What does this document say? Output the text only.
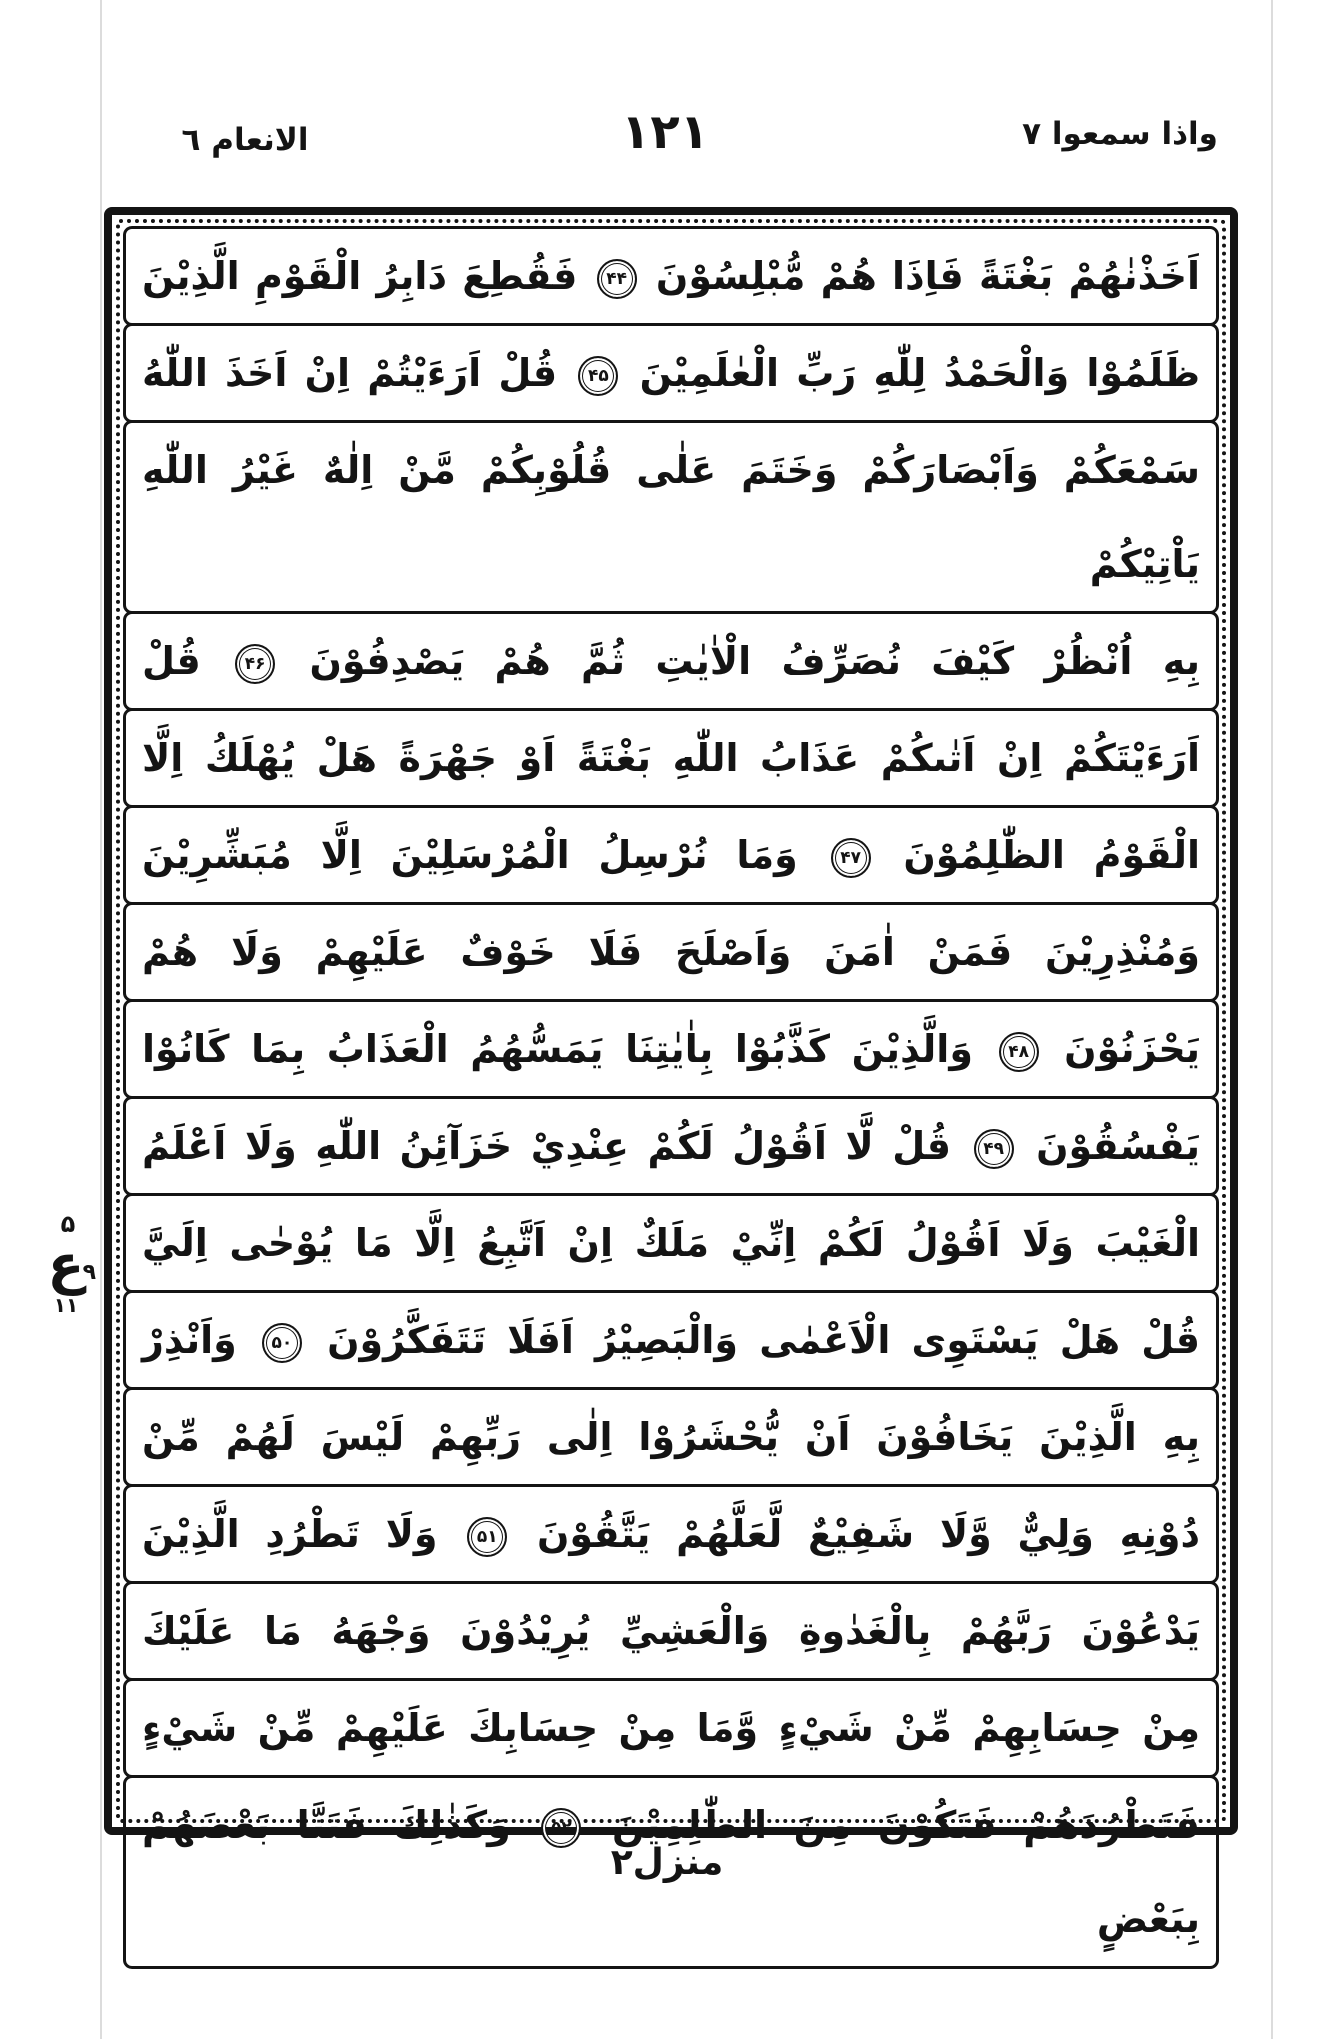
الانعام ٦	۱۲۱	واذا سمعوا ۷
اَخَذْنٰهُمْ بَغْتَةً فَاِذَا هُمْ مُّبْلِسُوْنَ ۴۴ فَقُطِعَ دَابِرُ الْقَوْمِ الَّذِيْنَ
ظَلَمُوْا وَالْحَمْدُ لِلّٰهِ رَبِّ الْعٰلَمِيْنَ ۴۵ قُلْ اَرَءَيْتُمْ اِنْ اَخَذَ اللّٰهُ
سَمْعَكُمْ وَاَبْصَارَكُمْ وَخَتَمَ عَلٰى قُلُوْبِكُمْ مَّنْ اِلٰهٌ غَيْرُ اللّٰهِ يَاْتِيْكُمْ
بِهِ اُنْظُرْ كَيْفَ نُصَرِّفُ الْاٰيٰتِ ثُمَّ هُمْ يَصْدِفُوْنَ ۴۶ قُلْ
اَرَءَيْتَكُمْ اِنْ اَتٰىكُمْ عَذَابُ اللّٰهِ بَغْتَةً اَوْ جَهْرَةً هَلْ يُهْلَكُ اِلَّا
الْقَوْمُ الظّٰلِمُوْنَ ۴۷ وَمَا نُرْسِلُ الْمُرْسَلِيْنَ اِلَّا مُبَشِّرِيْنَ
وَمُنْذِرِيْنَ فَمَنْ اٰمَنَ وَاَصْلَحَ فَلَا خَوْفٌ عَلَيْهِمْ وَلَا هُمْ
يَحْزَنُوْنَ ۴۸ وَالَّذِيْنَ كَذَّبُوْا بِاٰيٰتِنَا يَمَسُّهُمُ الْعَذَابُ بِمَا كَانُوْا
يَفْسُقُوْنَ ۴۹ قُلْ لَّا اَقُوْلُ لَكُمْ عِنْدِيْ خَزَآئِنُ اللّٰهِ وَلَا اَعْلَمُ
الْغَيْبَ وَلَا اَقُوْلُ لَكُمْ اِنِّيْ مَلَكٌ اِنْ اَتَّبِعُ اِلَّا مَا يُوْحٰى اِلَيَّ
قُلْ هَلْ يَسْتَوِى الْاَعْمٰى وَالْبَصِيْرُ اَفَلَا تَتَفَكَّرُوْنَ ۵۰ وَاَنْذِرْ
بِهِ الَّذِيْنَ يَخَافُوْنَ اَنْ يُّحْشَرُوْا اِلٰى رَبِّهِمْ لَيْسَ لَهُمْ مِّنْ
دُوْنِهِ وَلِيٌّ وَّلَا شَفِيْعٌ لَّعَلَّهُمْ يَتَّقُوْنَ ۵۱ وَلَا تَطْرُدِ الَّذِيْنَ
يَدْعُوْنَ رَبَّهُمْ بِالْغَدٰوةِ وَالْعَشِيِّ يُرِيْدُوْنَ وَجْهَهُ مَا عَلَيْكَ
مِنْ حِسَابِهِمْ مِّنْ شَيْءٍ وَّمَا مِنْ حِسَابِكَ عَلَيْهِمْ مِّنْ شَيْءٍ
فَتَطْرُدَهُمْ فَتَكُوْنَ مِنَ الظّٰلِمِيْنَ ۵۲ وَكَذٰلِكَ فَتَنَّا بَعْضَهُمْ بِبَعْضٍ
۵
ع
۹
۱۱
منزل۲
